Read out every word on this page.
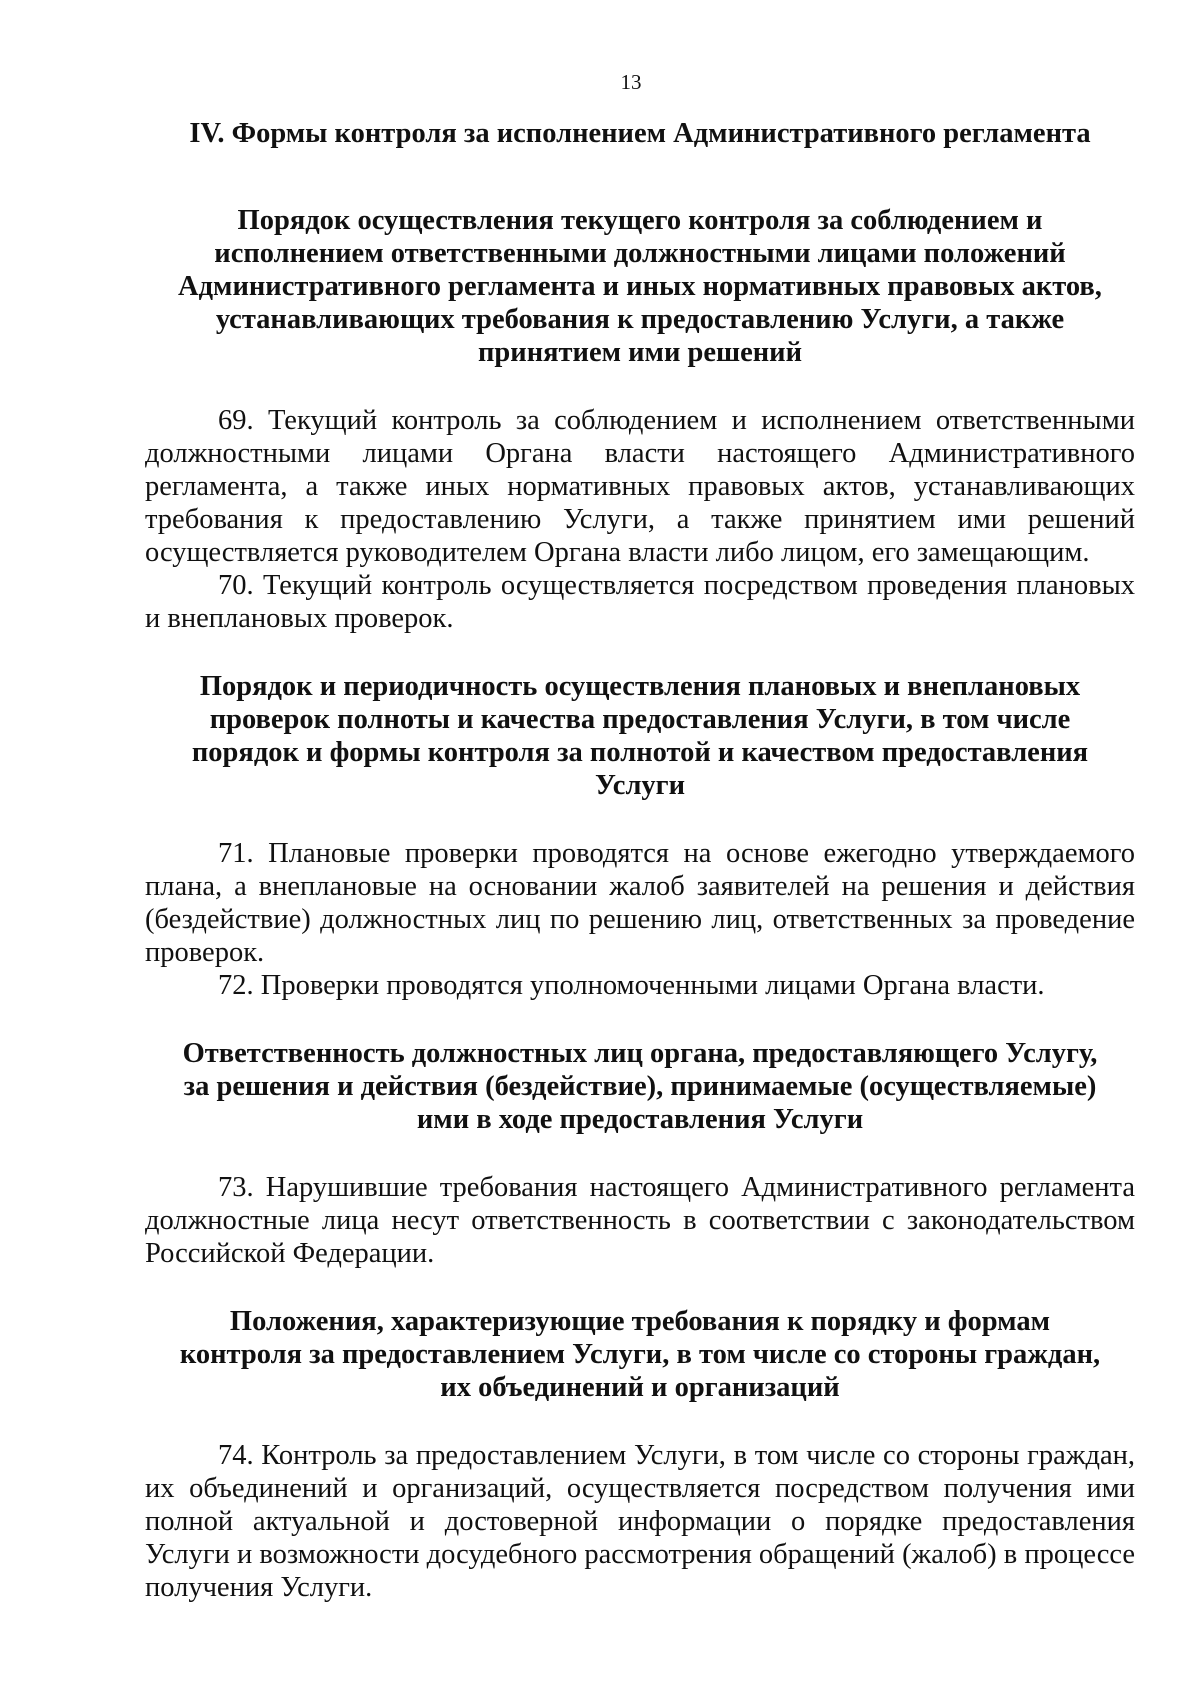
13
IV. Формы контроля за исполнением Административного регламента
Порядок осуществления текущего контроля за соблюдением и исполнением ответственными должностными лицами положений Административного регламента и иных нормативных правовых актов, устанавливающих требования к предоставлению Услуги, а также принятием ими решений

69. Текущий контроль за соблюдением и исполнением ответственными должностными лицами Органа власти настоящего Административного регламента, а также иных нормативных правовых актов, устанавливающих требования к предоставлению Услуги, а также принятием ими решений осуществляется руководителем Органа власти либо лицом, его замещающим.

70. Текущий контроль осуществляется посредством проведения плановых и внеплановых проверок.

Порядок и периодичность осуществления плановых и внеплановых проверок полноты и качества предоставления Услуги, в том числе порядок и формы контроля за полнотой и качеством предоставления Услуги

71. Плановые проверки проводятся на основе ежегодно утверждаемого плана, а внеплановые на основании жалоб заявителей на решения и действия (бездействие) должностных лиц по решению лиц, ответственных за проведение проверок.

72. Проверки проводятся уполномоченными лицами Органа власти.

Ответственность должностных лиц органа, предоставляющего Услугу, за решения и действия (бездействие), принимаемые (осуществляемые) ими в ходе предоставления Услуги

73. Нарушившие требования настоящего Административного регламента должностные лица несут ответственность в соответствии с законодательством Российской Федерации.

Положения, характеризующие требования к порядку и формам контроля за предоставлением Услуги, в том числе со стороны граждан, их объединений и организаций

74. Контроль за предоставлением Услуги, в том числе со стороны граждан, их объединений и организаций, осуществляется посредством получения ими полной актуальной и достоверной информации о порядке предоставления Услуги и возможности досудебного рассмотрения обращений (жалоб) в процессе получения Услуги.
